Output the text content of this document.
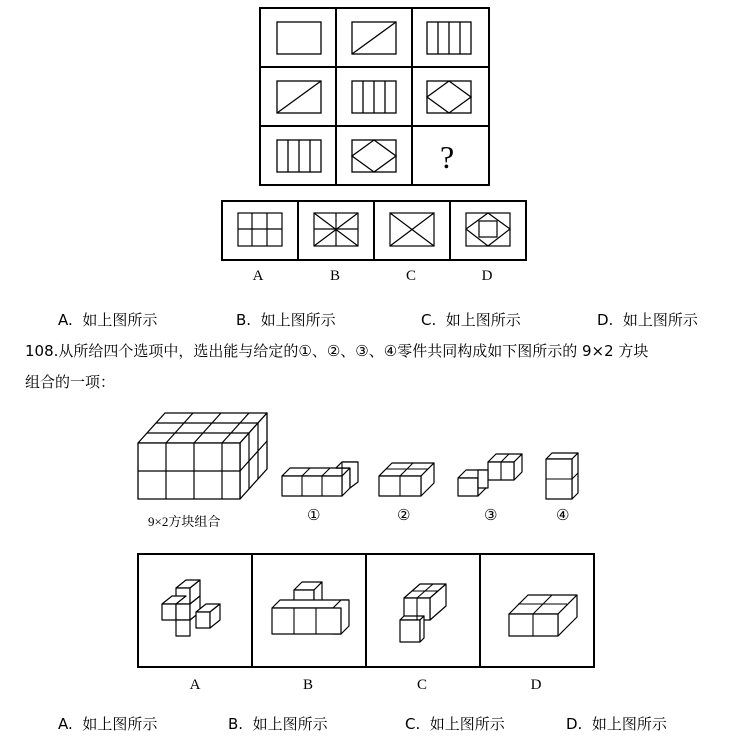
?
A	B	C	D
A. 如上图所示	B. 如上图所示	C. 如上图所示	D. 如上图所示
108.从所给四个选项中，选出能与给定的①、②、③、④零件共同构成如下图所示的 9×2 方块
组合的一项：
9×2方块组合	①	②	③	④
A	B	C	D
A. 如上图所示	B. 如上图所示	C. 如上图所示	D. 如上图所示
